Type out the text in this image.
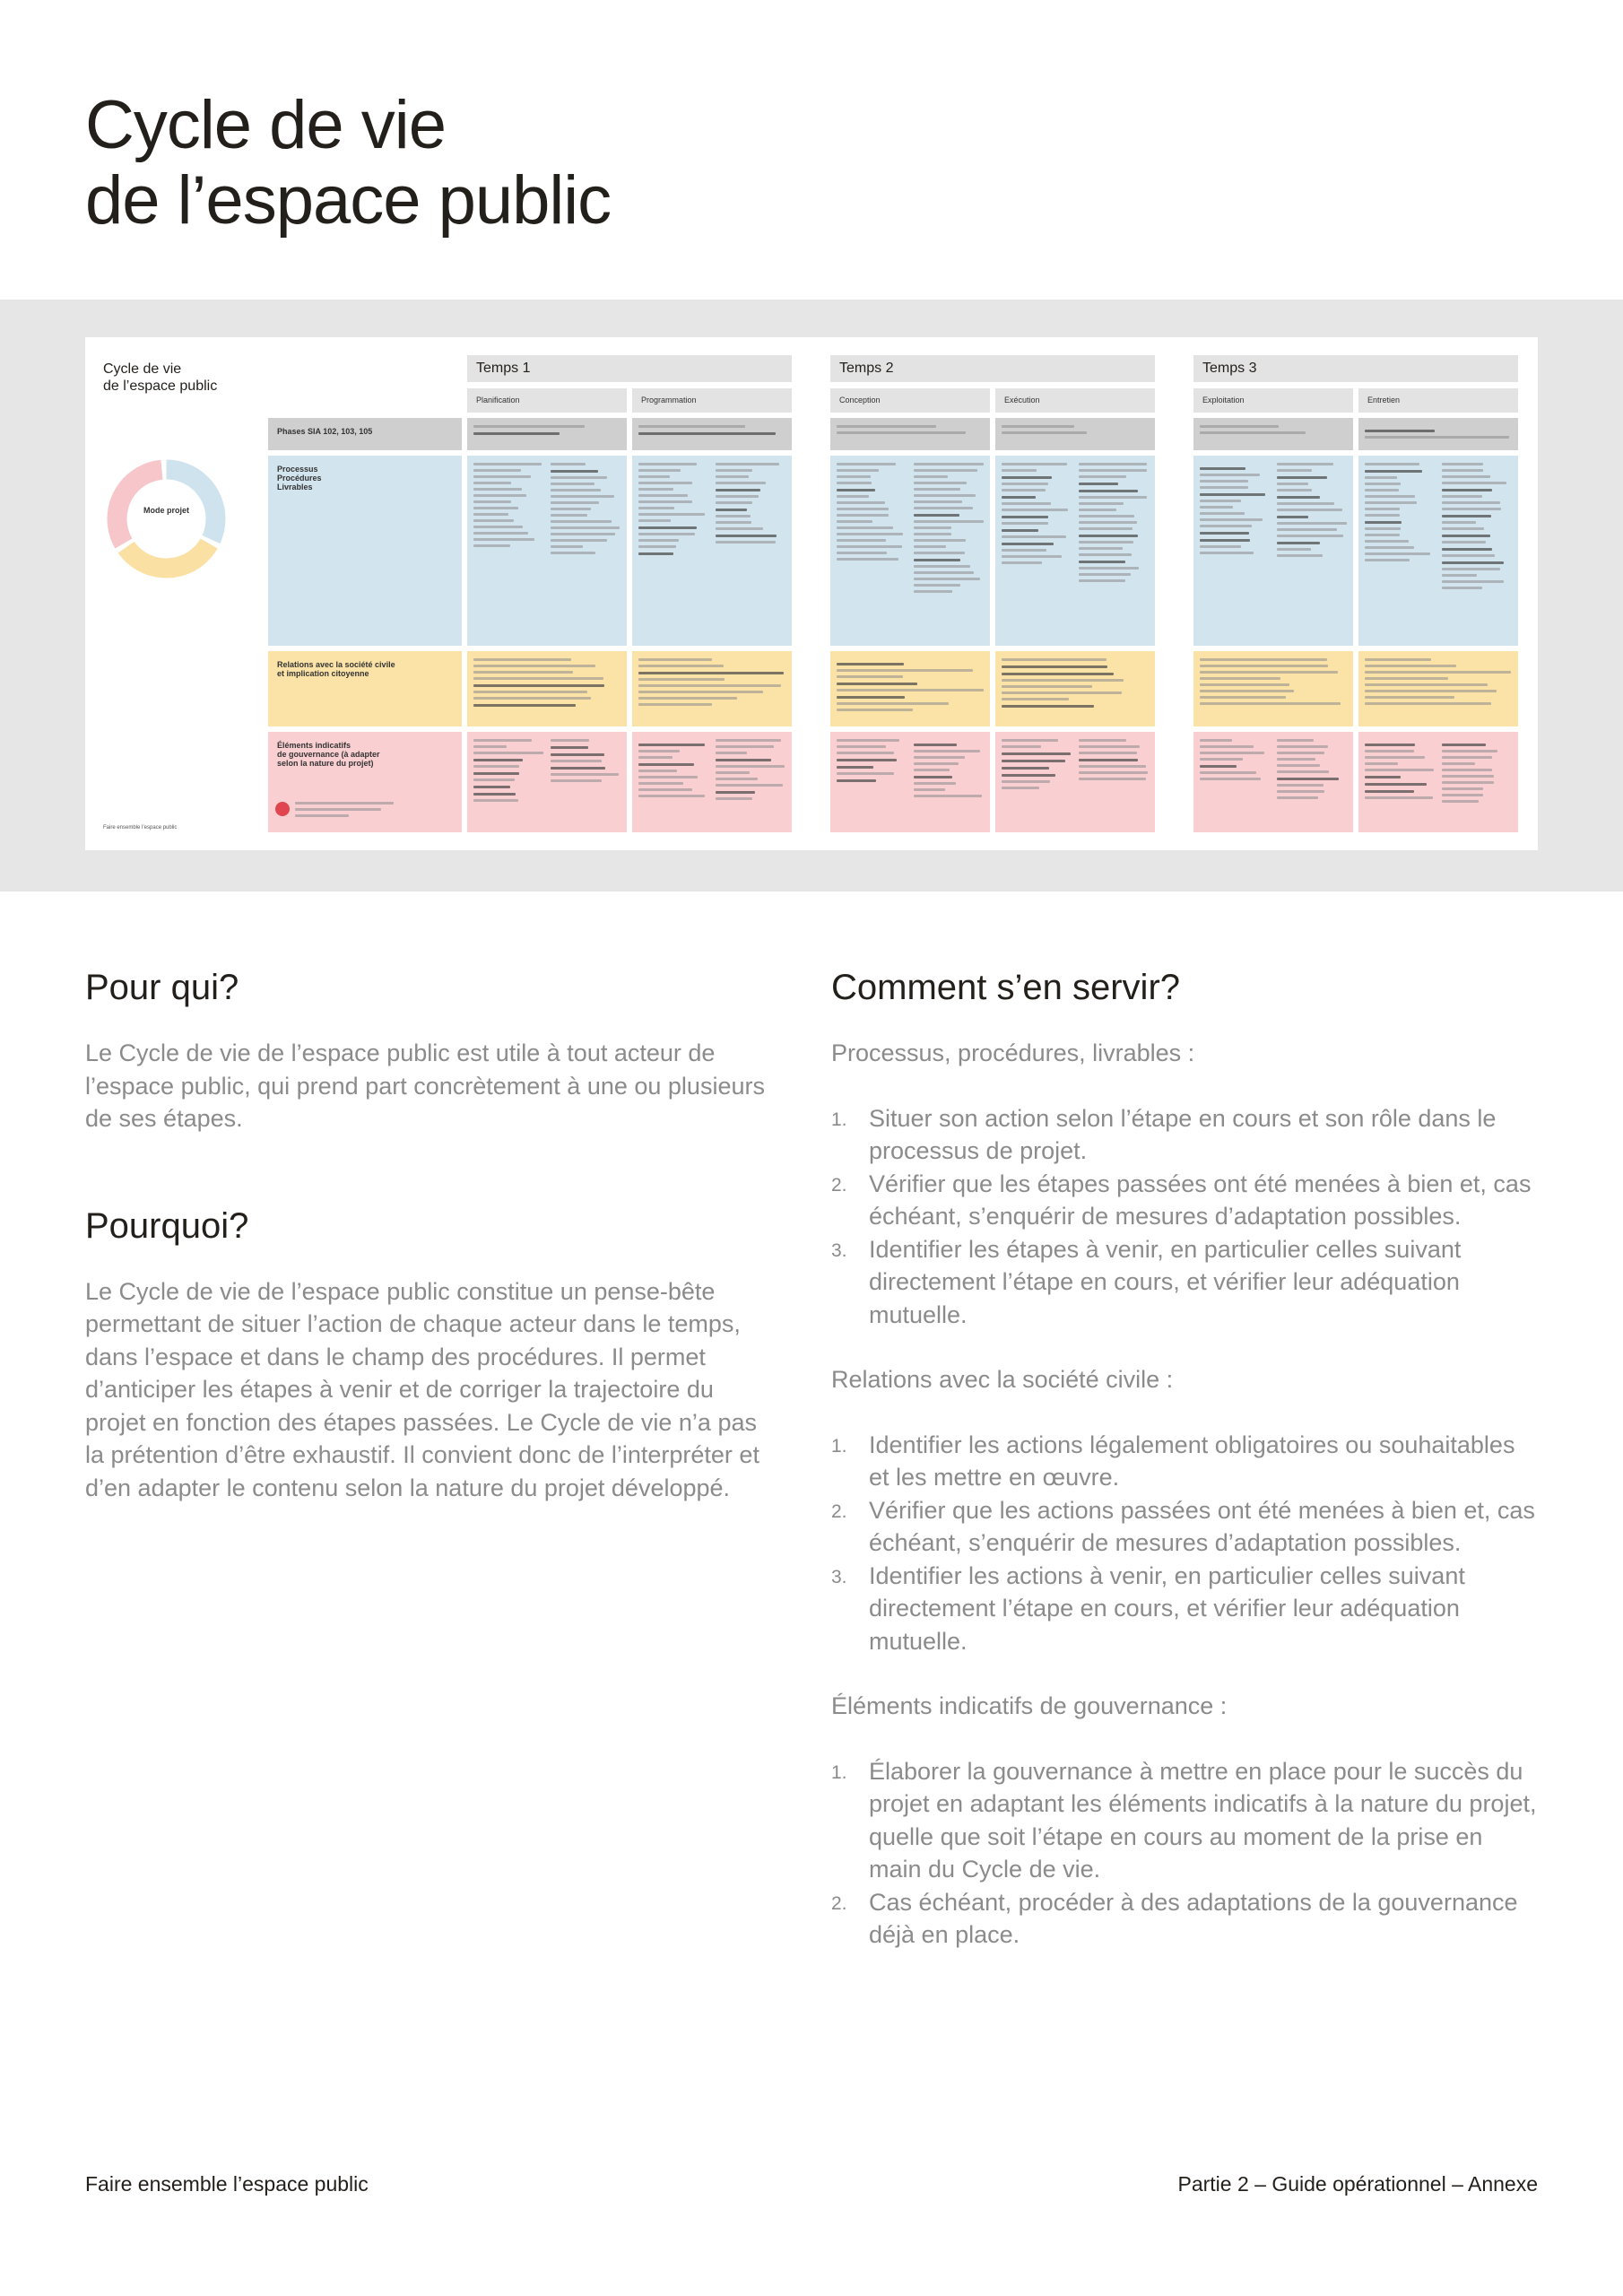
Cycle de vie
de l’espace public
Cycle de vie
de l’espace public
Mode projet
Temps 1	Temps 2	Temps 3
Planification	Programmation	Conception	Exécution	Exploitation	Entretien
Phases SIA 102, 103, 105
Processus
Procédures
Livrables
Relations avec la société civile
et implication citoyenne
Éléments indicatifs
de gouvernance (à adapter
selon la nature du projet)
Faire ensemble l’espace public
Pour qui?

Le Cycle de vie de l’espace public est utile à tout acteur de l’espace public, qui prend part concrètement à une ou plusieurs de ses étapes.

Pourquoi?

Le Cycle de vie de l’espace public constitue un pense-bête permettant de situer l’action de chaque acteur dans le temps, dans l’espace et dans le champ des procédures. Il permet d’anticiper les étapes à venir et de corriger la trajectoire du projet en fonction des étapes passées. Le Cycle de vie n’a pas la prétention d’être exhaustif. Il convient donc de l’interpréter et d’en adapter le contenu selon la nature du projet développé.

Comment s’en servir?
Processus, procédures, livrables :
1. Situer son action selon l’étape en cours et son rôle dans le processus de projet.
2. Vérifier que les étapes passées ont été menées à bien et, cas échéant, s’enquérir de mesures d’adaptation possibles.
3. Identifier les étapes à venir, en particulier celles suivant directement l’étape en cours, et vérifier leur adéquation mutuelle.
Relations avec la société civile :
1. Identifier les actions légalement obligatoires ou souhaitables et les mettre en œuvre.
2. Vérifier que les actions passées ont été menées à bien et, cas échéant, s’enquérir de mesures d’adaptation possibles.
3. Identifier les actions à venir, en particulier celles suivant directement l’étape en cours, et vérifier leur adéquation mutuelle.
Éléments indicatifs de gouvernance :
1. Élaborer la gouvernance à mettre en place pour le succès du projet en adaptant les éléments indicatifs à la nature du projet, quelle que soit l’étape en cours au moment de la prise en main du Cycle de vie.
2. Cas échéant, procéder à des adaptations de la gouvernance déjà en place.
Faire ensemble l’espace public	Partie 2 – Guide opérationnel – Annexe
